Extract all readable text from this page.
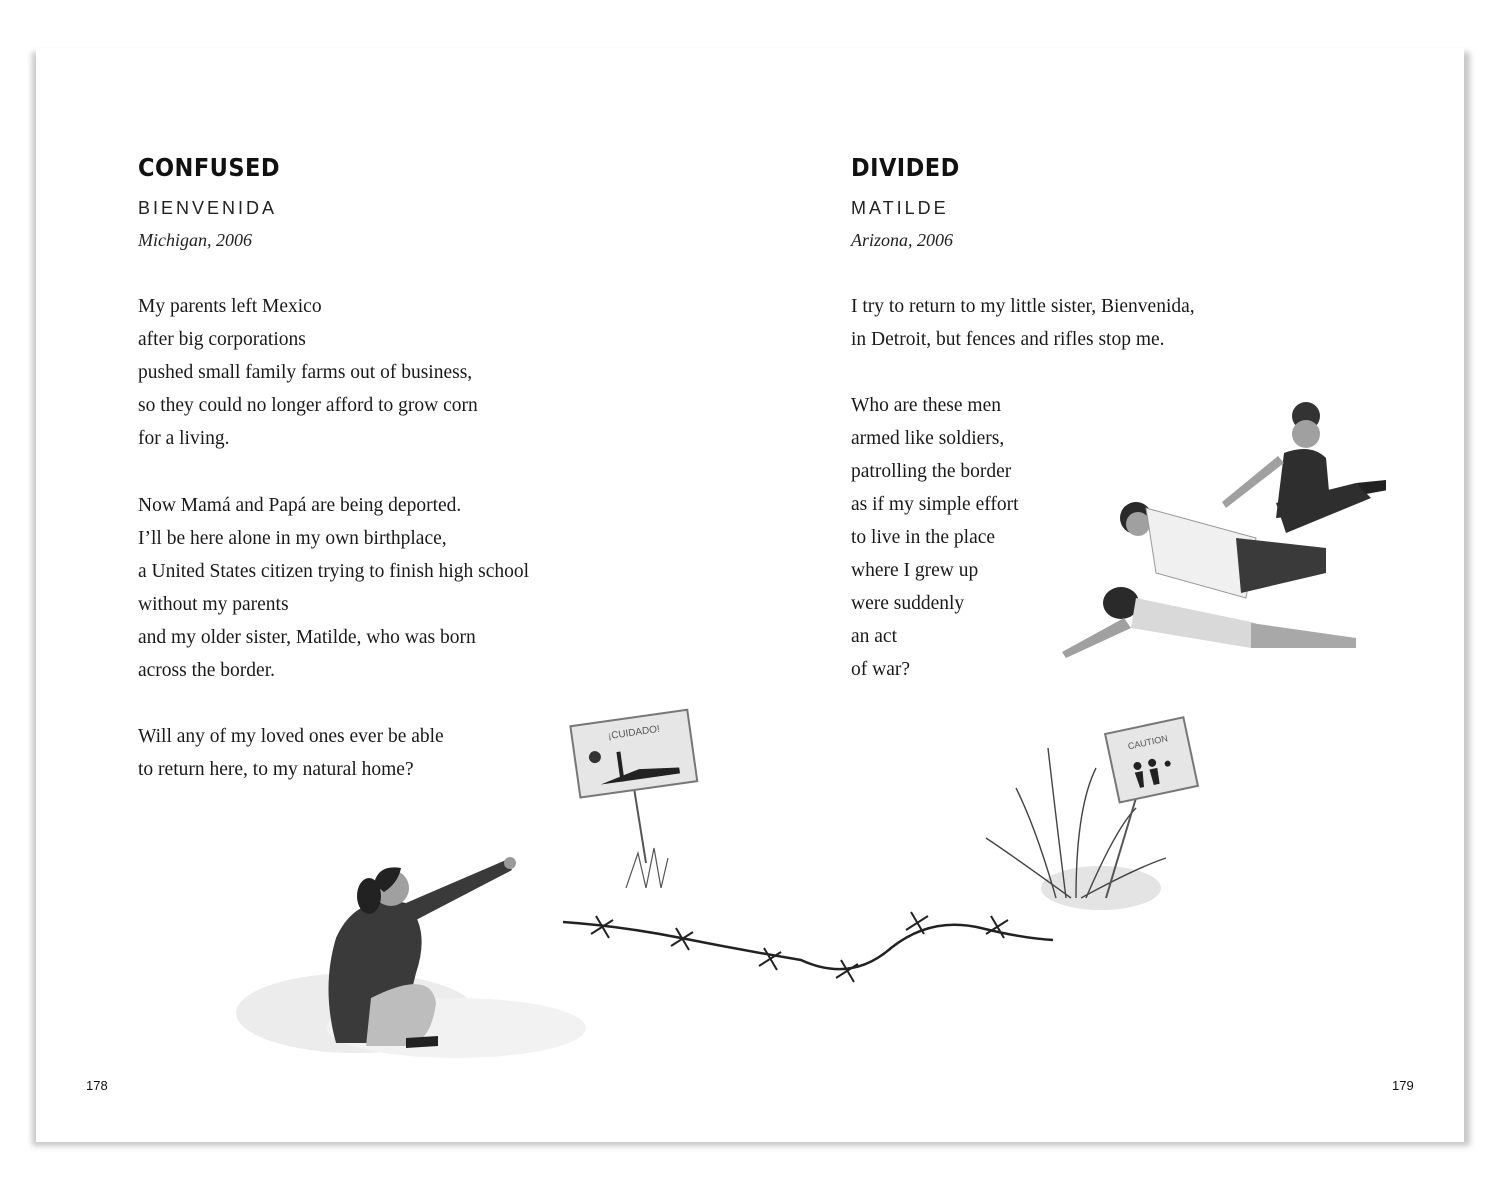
CONFUSED
BIENVENIDA
Michigan, 2006
My parents left Mexico
after big corporations
pushed small family farms out of business,
so they could no longer afford to grow corn
for a living.
Now Mamá and Papá are being deported.
I’ll be here alone in my own birthplace,
a United States citizen trying to finish high school
without my parents
and my older sister, Matilde, who was born
across the border.
Will any of my loved ones ever be able
to return here, to my natural home?
178
DIVIDED
MATILDE
Arizona, 2006
I try to return to my little sister, Bienvenida,
in Detroit, but fences and rifles stop me.
Who are these men
armed like soldiers,
patrolling the border
as if my simple effort
to live in the place
where I grew up
were suddenly
an act
of war?
179
¡CUIDADO!
CAUTION
